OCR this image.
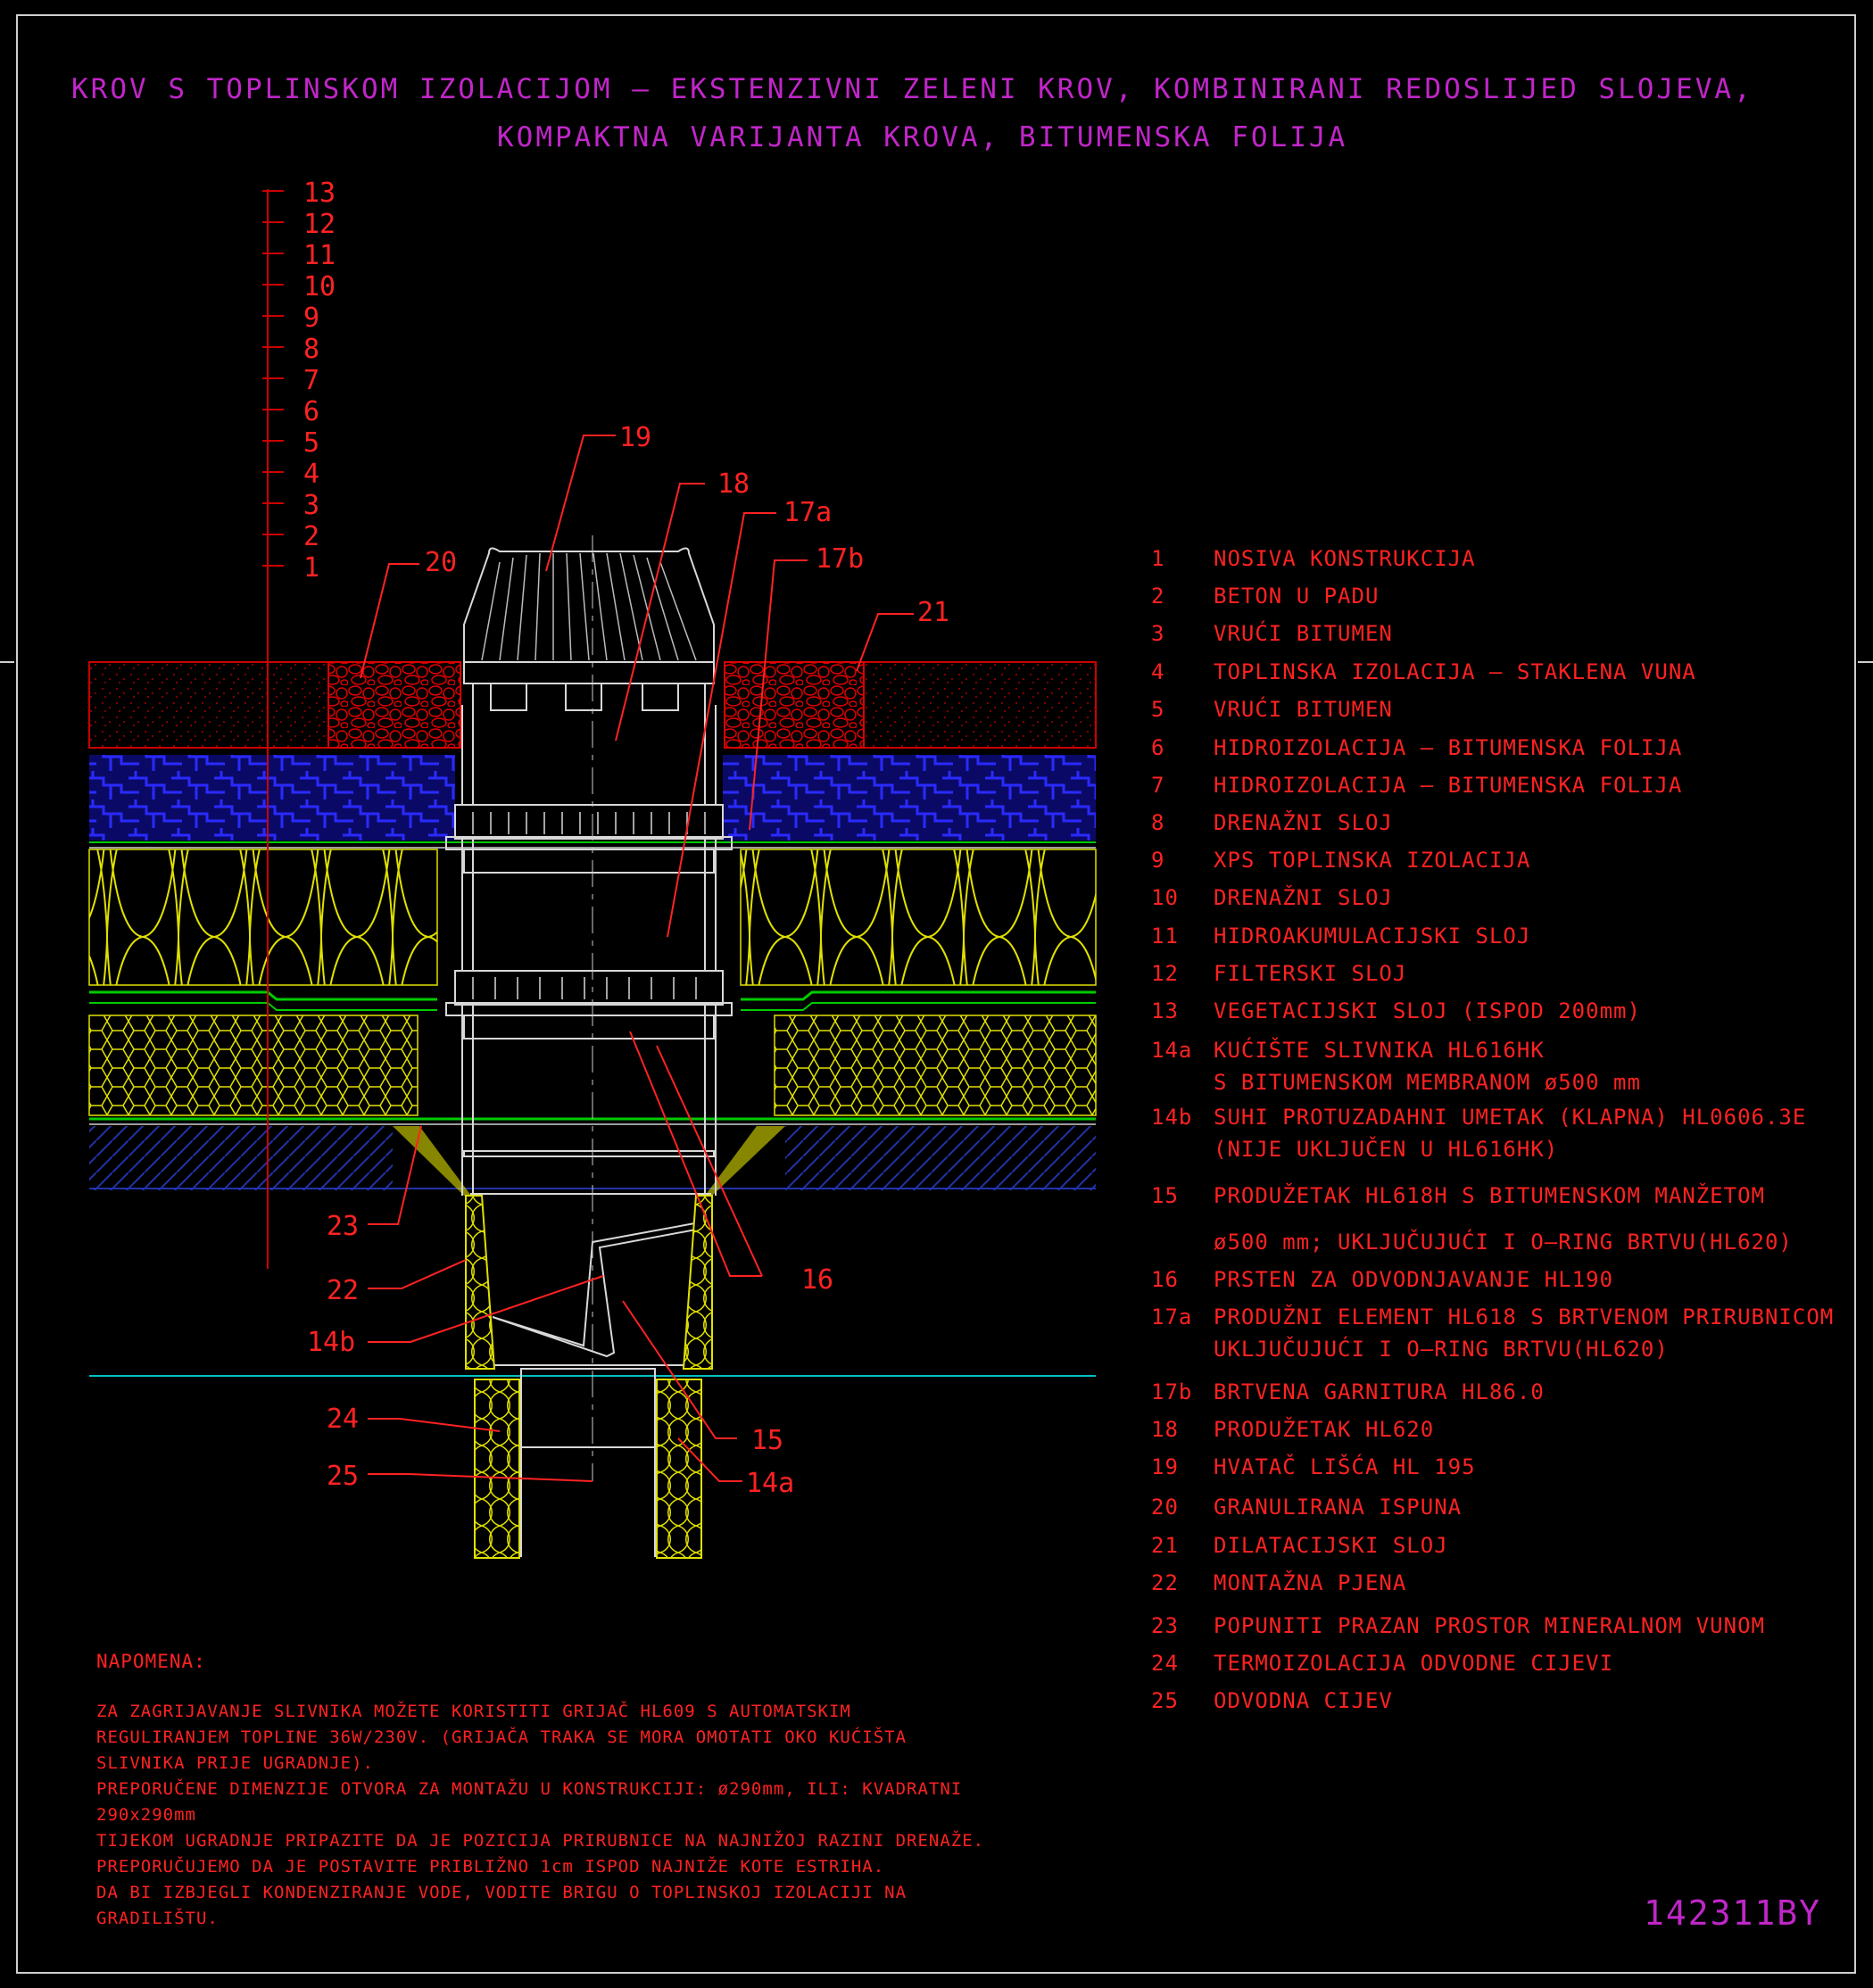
KROV S TOPLINSKOM IZOLACIJOM – EKSTENZIVNI ZELENI KROV, KOMBINIRANI REDOSLIJED SLOJEVA,
KOMPAKTNA VARIJANTA KROVA, BITUMENSKA FOLIJA
13
12
11
10
9
8
7
6
5
4
3
2
1
19
18
17a
17b
20
21
23
22
14b
16
24
25
15
14a
1	NOSIVA KONSTRUKCIJA
2	BETON U PADU
3	VRUĆI BITUMEN
4	TOPLINSKA IZOLACIJA – STAKLENA VUNA
5	VRUĆI BITUMEN
6	HIDROIZOLACIJA – BITUMENSKA FOLIJA
7	HIDROIZOLACIJA – BITUMENSKA FOLIJA
8	DRENAŽNI SLOJ
9	XPS TOPLINSKA IZOLACIJA
10	DRENAŽNI SLOJ
11	HIDROAKUMULACIJSKI SLOJ
12	FILTERSKI SLOJ
13	VEGETACIJSKI SLOJ (ISPOD 200mm)
14a KUĆIŠTE SLIVNIKA HL616HK
S BITUMENSKOM MEMBRANOM ø500 mm
14b SUHI PROTUZADAHNI UMETAK (KLAPNA) HL0606.3E
(NIJE UKLJUČEN U HL616HK)
15	PRODUŽETAK HL618H S BITUMENSKOM MANŽETOM
ø500 mm; UKLJUČUJUĆI I O–RING BRTVU(HL620)
16	PRSTEN ZA ODVODNJAVANJE HL190
17a PRODUŽNI ELEMENT HL618 S BRTVENOM PRIRUBNICOM
UKLJUČUJUĆI I O–RING BRTVU(HL620)
17b BRTVENA GARNITURA HL86.0
18	PRODUŽETAK HL620
19	HVATAČ LIŠĆA HL 195
20	GRANULIRANA ISPUNA
21	DILATACIJSKI SLOJ
22	MONTAŽNA PJENA
23	POPUNITI PRAZAN PROSTOR MINERALNOM VUNOM
24	TERMOIZOLACIJA ODVODNE CIJEVI
25	ODVODNA CIJEV
NAPOMENA:
ZA ZAGRIJAVANJE SLIVNIKA MOŽETE KORISTITI GRIJAČ HL609 S AUTOMATSKIM
REGULIRANJEM TOPLINE 36W/230V. (GRIJAČA TRAKA SE MORA OMOTATI OKO KUĆIŠTA
SLIVNIKA PRIJE UGRADNJE).
PREPORUČENE DIMENZIJE OTVORA ZA MONTAŽU U KONSTRUKCIJI: ø290mm, ILI: KVADRATNI
290x290mm
TIJEKOM UGRADNJE PRIPAZITE DA JE POZICIJA PRIRUBNICE NA NAJNIŽOJ RAZINI DRENAŽE.
PREPORUČUJEMO DA JE POSTAVITE PRIBLIŽNO 1cm ISPOD NAJNIŽE KOTE ESTRIHA.
DA BI IZBJEGLI KONDENZIRANJE VODE, VODITE BRIGU O TOPLINSKOJ IZOLACIJI NA
GRADILIŠTU.	142311BY
